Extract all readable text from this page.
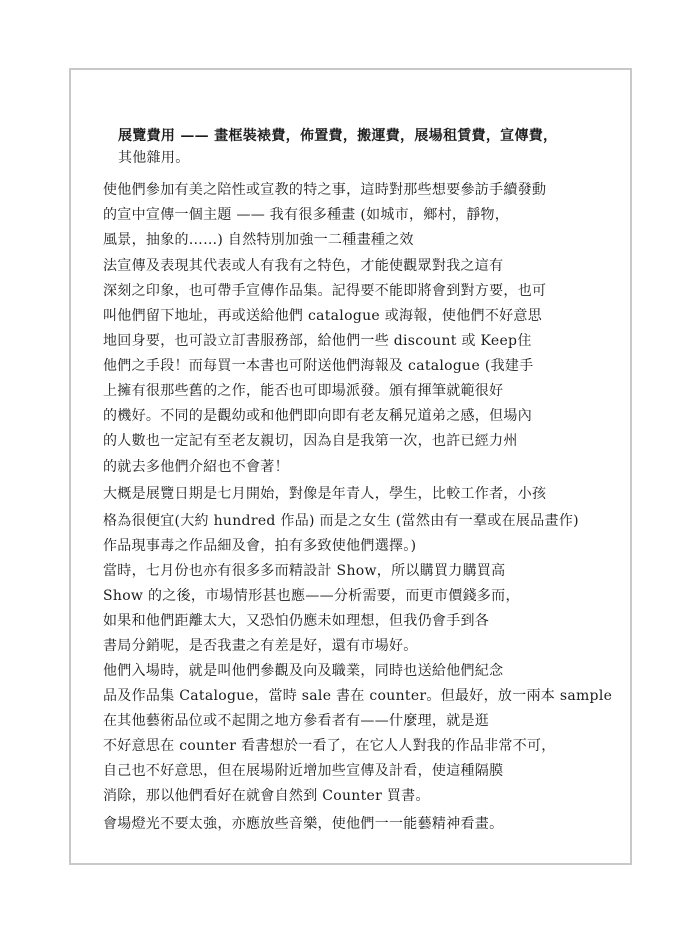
展覽費用 —— 畫框裝裱費，佈置費，搬運費，展場租賃費，宣傳費，

其他雜用。

使他們參加有美之陪性或宣教的特之事，這時對那些想要參訪手續發動

的宣中宣傳一個主題 —— 我有很多種畫 (如城市，鄉村，靜物，

風景，抽象的……) 自然特別加強一二種畫種之效

法宣傳及表現其代表或人有我有之特色，才能使觀眾對我之這有

深刻之印象，也可帶手宣傳作品集。記得要不能即將會到對方要，也可

叫他們留下地址，再或送給他們 catalogue 或海報，使他們不好意思

地回身要，也可設立訂書服務部，給他們一些 discount 或 Keep住

他們之手段！而每買一本書也可附送他們海報及 catalogue (我建手

上擁有很那些舊的之作，能否也可即場派發。頒有揮筆就範很好

的機好。不同的是觀幼或和他們即向即有老友稱兄道弟之感，但場內

的人數也一定記有至老友親切，因為自是我第一次，也許已經力州

的就去多他們介紹也不會著！

大概是展覽日期是七月開始，對像是年青人，學生，比較工作者，小孩

格為很便宜(大約 hundred 作品) 而是之女生 (當然由有一羣或在展品畫作)

作品現事毒之作品細及會，拍有多致使他們選擇。)

當時，七月份也亦有很多多而精設計 Show，所以購買力購買高

Show 的之後，市場情形甚也應——分析需要，而更市價錢多而，

如果和他們距離太大，又恐怕仍應未如理想，但我仍會手到各

書局分銷呢，是否我畫之有差是好，還有市場好。

他們入場時，就是叫他們參觀及向及職業，同時也送給他們紀念

品及作品集 Catalogue，當時 sale 書在 counter。但最好，放一兩本 sample

在其他藝術品位或不起閒之地方參看者有——什麼理，就是逛

不好意思在 counter 看書想於一看了，在它人人對我的作品非常不可，

自己也不好意思，但在展場附近增加些宣傳及計看，使這種隔膜

消除，那以他們看好在就會自然到 Counter 買書。

會場燈光不要太強，亦應放些音樂，使他們一一能藝精神看畫。
